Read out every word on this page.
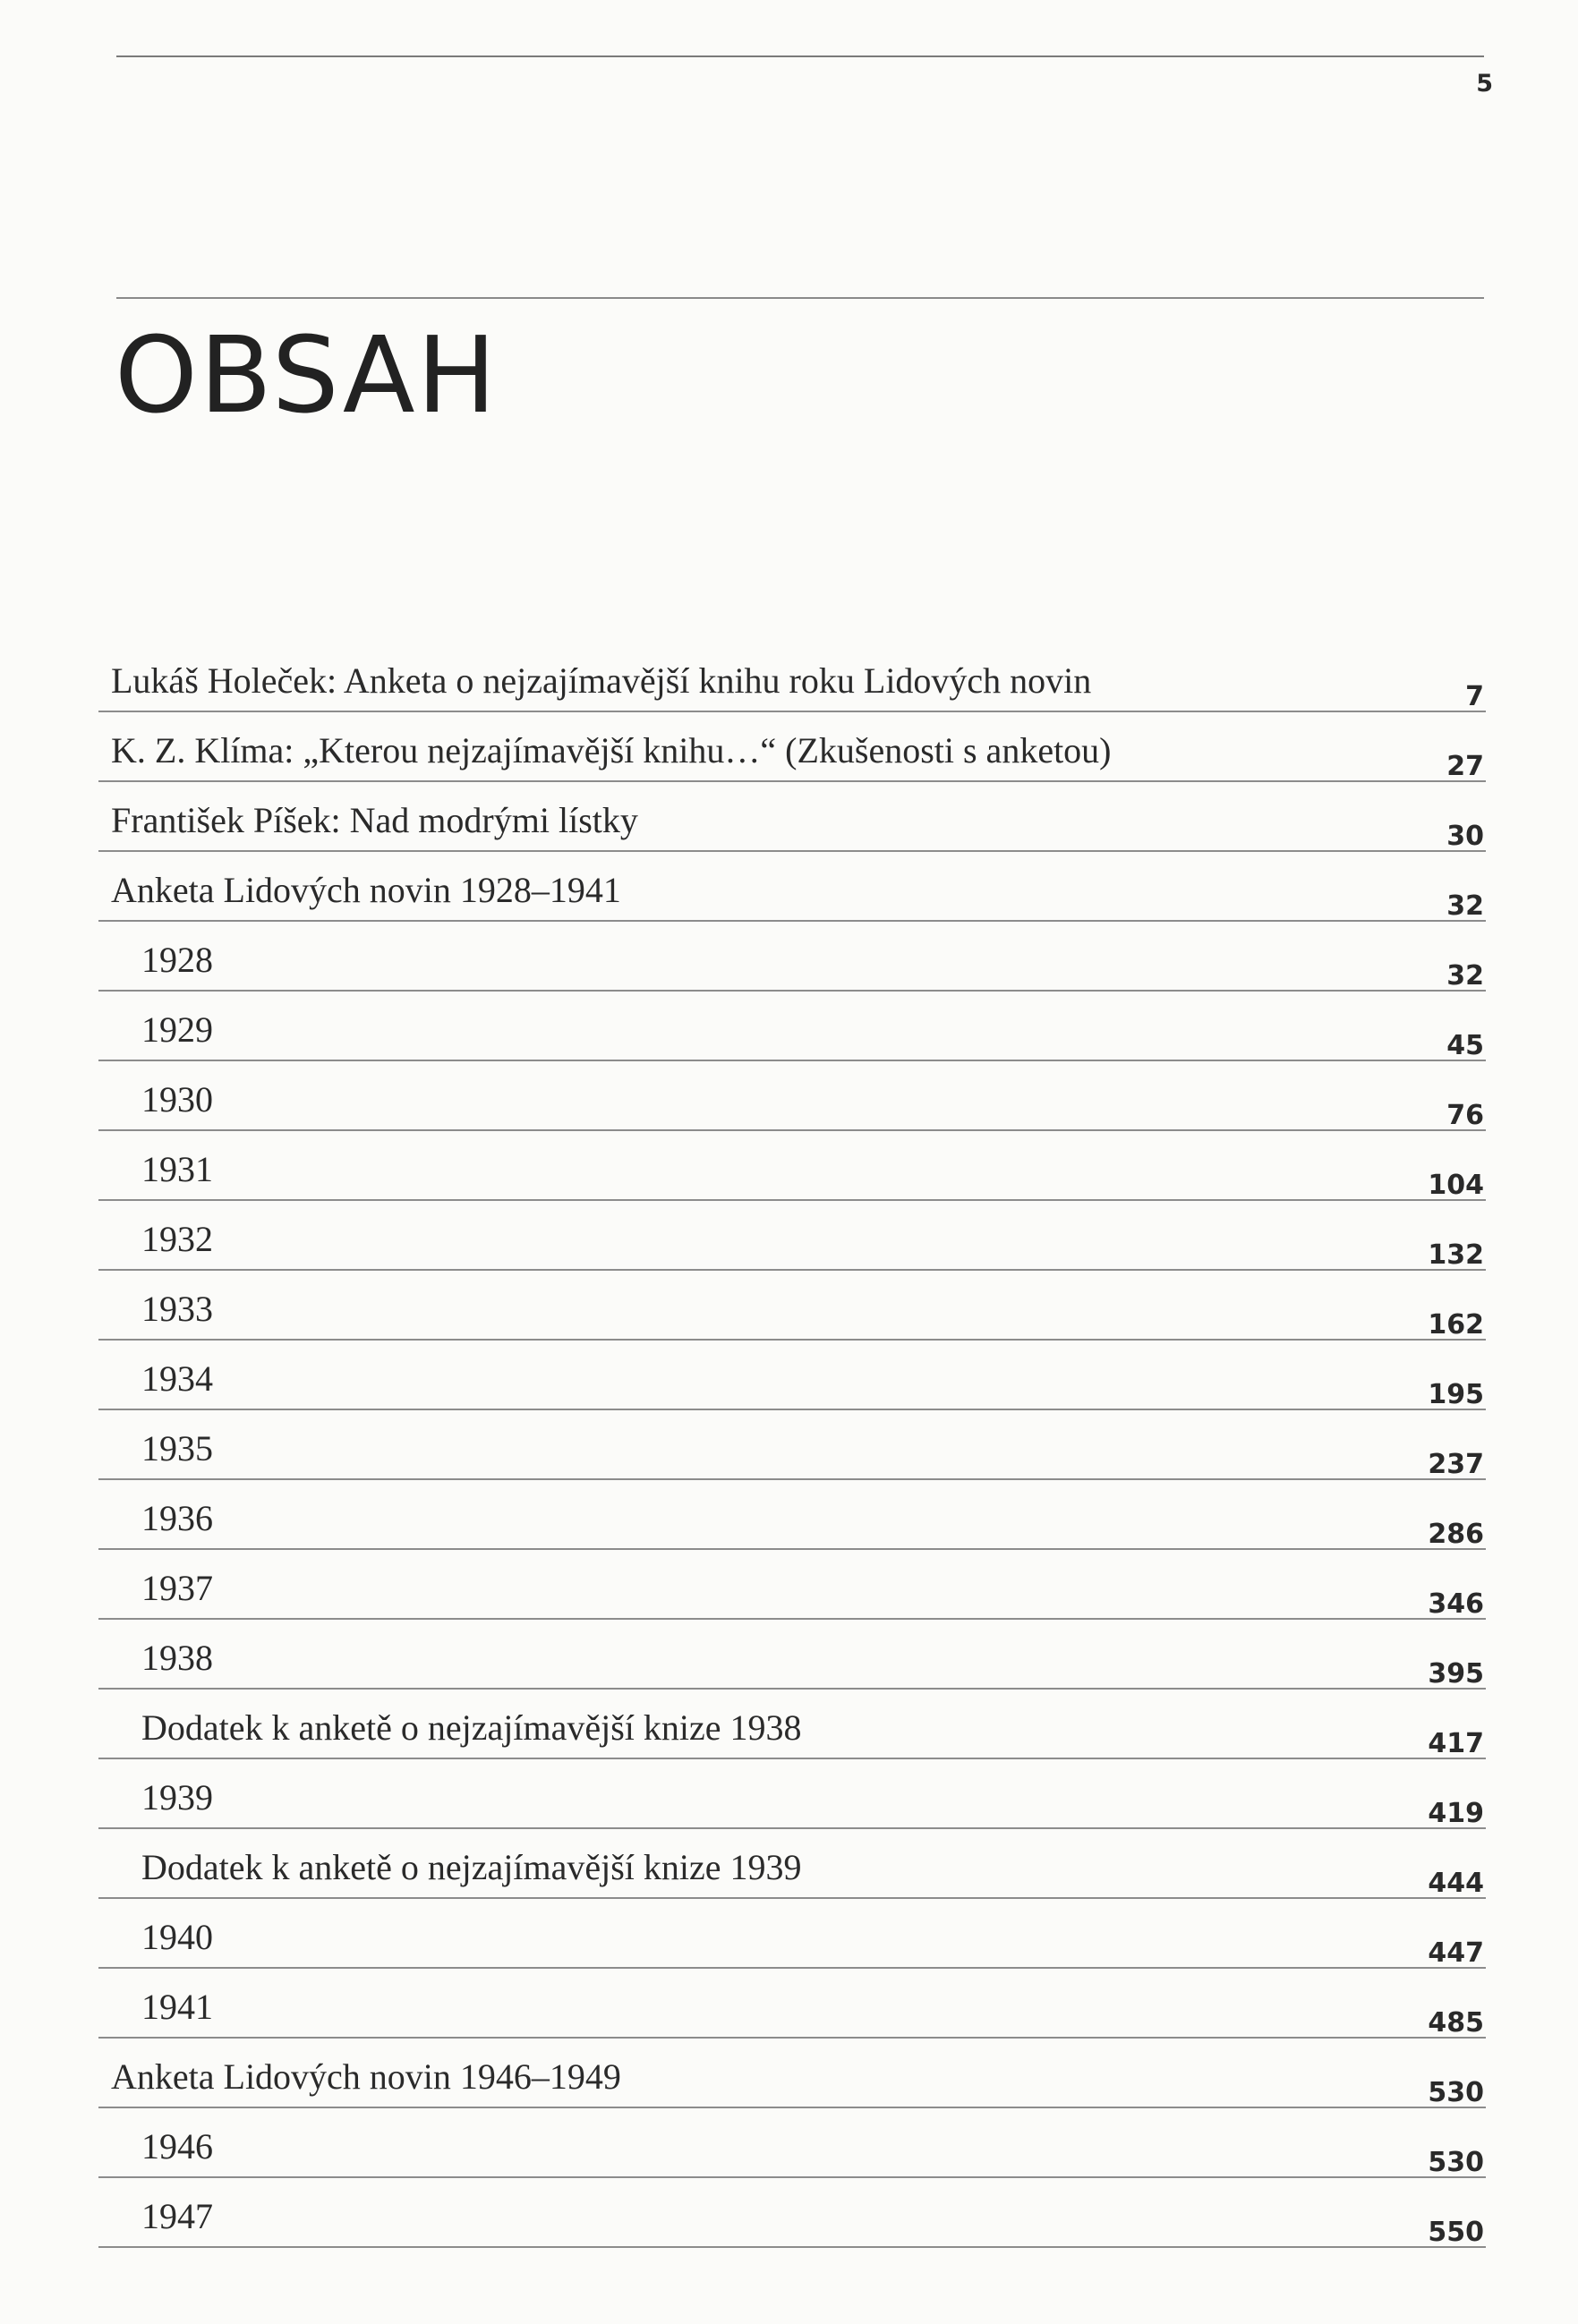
5
OBSAH
Lukáš Holeček: Anketa o nejzajímavější knihu roku Lidových novin	7
K. Z. Klíma: „Kterou nejzajímavější knihu…“ (Zkušenosti s anketou)	27
František Píšek: Nad modrými lístky	30
Anketa Lidových novin 1928–1941	32
1928	32
1929	45
1930	76
1931	104
1932	132
1933	162
1934	195
1935	237
1936	286
1937	346
1938	395
Dodatek k anketě o nejzajímavější knize 1938	417
1939	419
Dodatek k anketě o nejzajímavější knize 1939	444
1940	447
1941	485
Anketa Lidových novin 1946–1949	530
1946	530
1947	550
